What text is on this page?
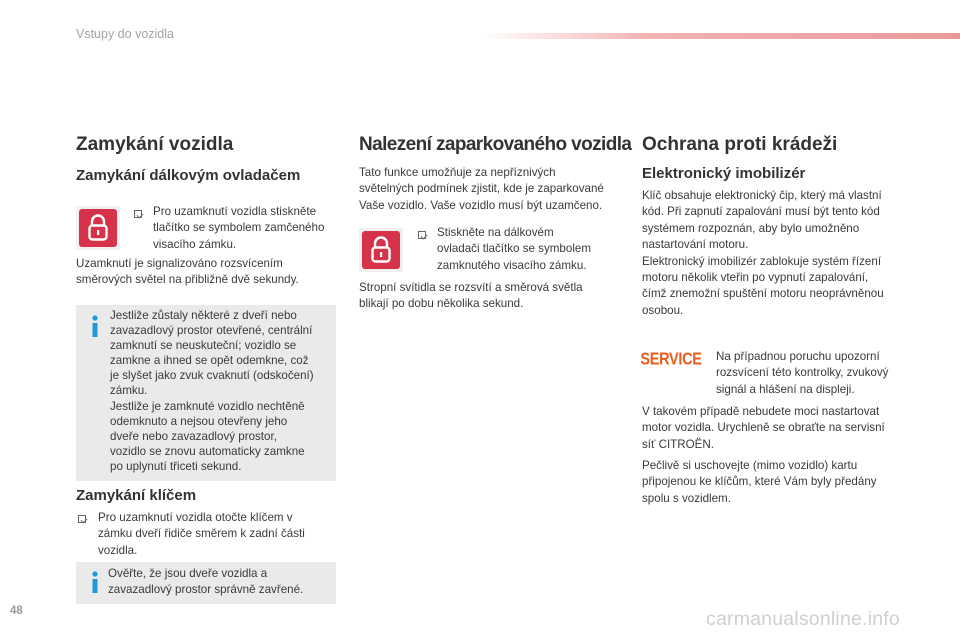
Vstupy do vozidla
Zamykání vozidla
Zamykání dálkovým ovladačem
Pro uzamknutí vozidla stiskněte
tlačítko se symbolem zamčeného
visacího zámku.
Uzamknutí je signalizováno rozsvícením
směrových světel na přibližně dvě sekundy.
Jestliže zůstaly některé z dveří nebo
zavazadlový prostor otevřené, centrální
zamknutí se neuskuteční; vozidlo se
zamkne a ihned se opět odemkne, což
je slyšet jako zvuk cvaknutí (odskočení)
zámku.
Jestliže je zamknuté vozidlo nechtěně
odemknuto a nejsou otevřeny jeho
dveře nebo zavazadlový prostor,
vozidlo se znovu automaticky zamkne
po uplynutí třiceti sekund.
Zamykání klíčem
Pro uzamknutí vozidla otočte klíčem v
zámku dveří řidiče směrem k zadní části
vozidla.
Ověřte, že jsou dveře vozidla a
zavazadlový prostor správně zavřené.
Nalezení zaparkovaného vozidla
Tato funkce umožňuje za nepříznivých
světelných podmínek zjistit, kde je zaparkované
Vaše vozidlo. Vaše vozidlo musí být uzamčeno.
Stiskněte na dálkovém
ovladači tlačítko se symbolem
zamknutého visacího zámku.
Stropní svítidla se rozsvítí a směrová světla
blikají po dobu několika sekund.
Ochrana proti krádeži
Elektronický imobilizér
Klíč obsahuje elektronický čip, který má vlastní
kód. Při zapnutí zapalování musí být tento kód
systémem rozpoznán, aby bylo umožněno
nastartování motoru.
Elektronický imobilizér zablokuje systém řízení
motoru několik vteřin po vypnutí zapalování,
čímž znemožní spuštění motoru neoprávněnou
osobou.
SERVICE Na případnou poruchu upozorní
rozsvícení této kontrolky, zvukový
signál a hlášení na displeji.
V takovém případě nebudete moci nastartovat
motor vozidla. Urychleně se obraťte na servisní
síť CITROËN.
Pečlivě si uschovejte (mimo vozidlo) kartu
připojenou ke klíčům, které Vám byly předány
spolu s vozidlem.
48	carmanualsonline.info
